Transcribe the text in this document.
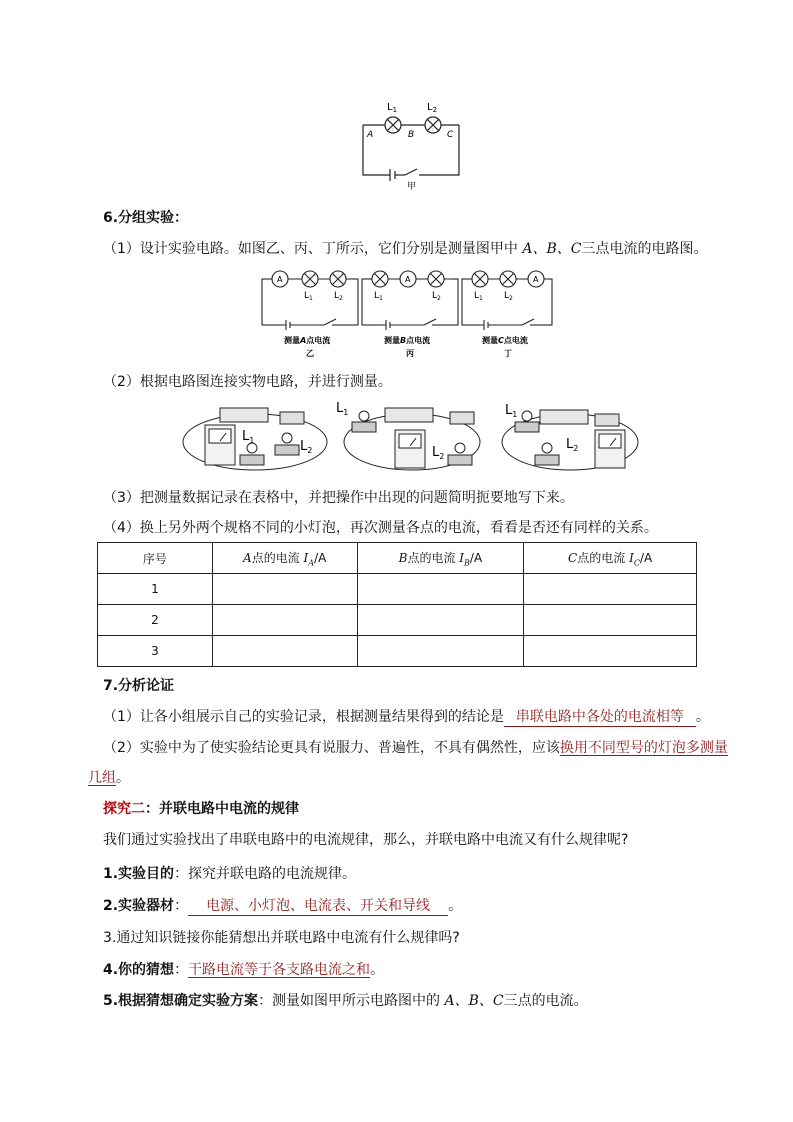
$L_1$	$L_2$
A	B	C
甲
6.分组实验：
（1）设计实验电路。如图乙、丙、丁所示，它们分别是测量图甲中 A、B、C三点电流的电路图。
A	A	A
$L_1$ $L_2$	$L_1$	$L_2$	$L_1$ $L_2$
测量A点电流	测量B点电流	测量C点电流
乙	丙	丁
（2）根据电路图连接实物电路，并进行测量。
$L_1$	$L_2$
$L_1$
$L_2$
$L_1$
$L_2$
（3）把测量数据记录在表格中，并把操作中出现的问题简明扼要地写下来。
（4）换上另外两个规格不同的小灯泡，再次测量各点的电流，看看是否还有同样的关系。
序号	A点的电流 $I_A/A$	B点的电流 $I_B/A$	C点的电流 $I_C/A$
1			
2			
3			
7.分析论证
（1）让各小组展示自己的实验记录，根据测量结果得到的结论是 串联电路中各处的电流相等 。
（2）实验中为了使实验结论更具有说服力、普遍性，不具有偶然性，应该换用不同型号的灯泡多测量
几组。
探究二：并联电路中电流的规律
我们通过实验找出了串联电路中的电流规律，那么，并联电路中电流又有什么规律呢?
1.实验目的：探究并联电路的电流规律。
2.实验器材： 电源、小灯泡、电流表、开关和导线 。
3.通过知识链接你能猜想出并联电路中电流有什么规律吗?
4.你的猜想：干路电流等于各支路电流之和。
5.根据猜想确定实验方案：测量如图甲所示电路图中的 A、B、C三点的电流。
